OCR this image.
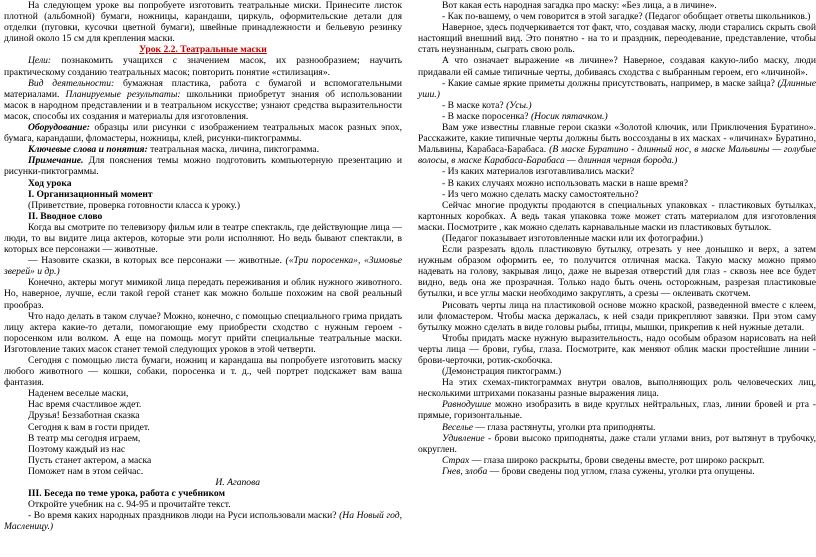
На следующем уроке вы попробуете изготовить театральные миски. Принесите листок плотной (альбомной) бумаги, ножницы, карандаши, циркуль, оформительские детали для отделки (пуговки, кусочки цветной бумаги), швейные принадлежности и бельевую резинку длиной около 15 см для крепления маски.

Урок 2.2. Театральные маски

Цели: познакомить учащихся с значением масок, их разнообразием; научить практическому созданию театральных масок; повторить понятие «стилизация».

Вид деятельности: бумажная пластика, работа с бумагой и вспомогательными материалами. Планируемые результаты: школьники приобретут знания об использовании масок в народном представлении и в театральном искусстве; узнают средства выразительности масок, способы их создания и материалы для изготовления.

Оборудование: образцы или рисунки с изображением театральных масок разных эпох, бумага, карандаши, фломастеры, ножницы, клей, рисунки-пиктограммы.

Ключевые слова и понятия: театральная маска, личина, пиктограмма.

Примечание. Для пояснения темы можно подготовить компьютерную презентацию и рисунки-пиктограммы.

Ход урока

I. Организационный момент

(Приветствие, проверка готовности класса к уроку.)

II. Вводное слово

Когда вы смотрите по телевизору фильм или в театре спектакль, где действующие лица — люди, то вы видите лица актеров, которые эти роли исполняют. Но ведь бывают спектакли, в которых все персонажи — животные.

— Назовите сказки, в которых все персонажи — животные. («Три поросенка», «Зимовье зверей» и др.)

Конечно, актеры могут мимикой лица передать переживания и облик нужного животного. Но, наверное, лучше, если такой герой станет как можно больше похожим на свой реальный прообраз.

Что надо делать в таком случае? Можно, конечно, с помощью специального грима придать лицу актера какие-то детали, помогающие ему приобрести сходство с нужным героем - поросенком или волком. А еще на помощь могут прийти специальные театральные маски. Изготовление таких масок станет темой следующих уроков в этой четверти.

Сегодня с помощью листа бумаги, ножниц и карандаша вы попробуете изготовить маску любого животного — кошки, собаки, поросенка и т. д., чей портрет подскажет вам ваша фантазия.

Наденем веселые маски,

Нас время счастливое ждет.

Друзья! Беззаботная сказка

Сегодня к вам в гости придет.

В театр мы сегодня играем,

Поэтому каждый из нас

Пусть станет актером, а маска

Поможет нам в этом сейчас.

И. Агапова

III. Беседа по теме урока, работа с учебником

Откройте учебник на с. 94-95 и прочитайте текст.

- Во время каких народных праздников люди на Руси использовали маски? (На Новый год, Масленицу.)

Вот какая есть народная загадка про маску: «Без лица, а в личине».

- Как по-вашему, о чем говорится в этой загадке? (Педагог обобщает ответы школьников.)

Наверное, здесь подчеркивается тот факт, что, создавая маску, люди старались скрыть свой настоящий внешний вид. Это понятно - на то и праздник, переодевание, представление, чтобы стать неузнанным, сыграть свою роль.

А что означает выражение «в личине»? Наверное, создавая какую-либо маску, люди придавали ей самые типичные черты, добиваясь сходства с выбранным героем, его «личиной».

- Какие самые яркие приметы должны присутствовать, например, в маске зайца? (Длинные уши.)

- В маске кота? (Усы.)

- В маске поросенка? (Носик пятачком.)

Вам уже известны главные герои сказки «Золотой ключик, или Приключения Буратино». Расскажите, какие типичные черты должны быть воссозданы в их масках - «личинах» Буратино, Мальвины, Карабаса-Барабаса. (В маске Буратино - длинный нос, в маске Мальвины — голубые волосы, в маске Карабаса-Барабаса — длинная черная борода.)

- Из каких материалов изготавливались маски?

- В каких случаях можно использовать маски в наше время?

- Из чего можно сделать маску самостоятельно?

Сейчас многие продукты продаются в специальных упаковках - пластиковых бутылках, картонных коробках. А ведь такая упаковка тоже может стать материалом для изготовления маски. Посмотрите , как можно сделать карнавальные маски из пластиковых бутылок.

(Педагог показывает изготовленные маски или их фотографии.)

Если разрезать вдоль пластиковую бутылку, отрезать у нее донышко и верх, а затем нужным образом оформить ее, то получится отличная маска. Такую маску можно прямо надевать на голову, закрывая лицо, даже не вырезая отверстий для глаз - сквозь нее все будет видно, ведь она же прозрачная. Только надо быть очень осторожным, разрезая пластиковые бутылки, и все углы маски необходимо закруглять, а срезы — оклеивать скотчем.

Рисовать черты лица на пластиковой основе можно краской, разведенной вместе с клеем, или фломастером. Чтобы маска держалась, к ней сзади прикрепляют завязки. При этом саму бутылку можно сделать в виде головы рыбы, птицы, мышки, прикрепив к ней нужные детали.

Чтобы придать маске нужную выразительность, надо особым образом нарисовать на ней черты лица — брови, губы, глаза. Посмотрите, как меняют облик маски простейшие линии - брови-черточки, ротик-скобочка.

(Демонстрация пиктограмм.)

На этих схемах-пиктограммах внутри овалов, выполняющих роль человеческих лиц, несколькими штрихами показаны разные выражения лица.

Равнодушие можно изобразить в виде круглых нейтральных, глаз, линии бровей и рта - прямые, горизонтальные.

Веселье — глаза растянуты, уголки рта приподняты.

Удивление - брови высоко приподняты, даже стали углами вниз, рот вытянут в трубочку, округлен.

Страх — глаза широко раскрыты, брови сведены вместе, рот широко раскрыт.

Гнев, злоба — брови сведены под углом, глаза сужены, уголки рта опущены.
